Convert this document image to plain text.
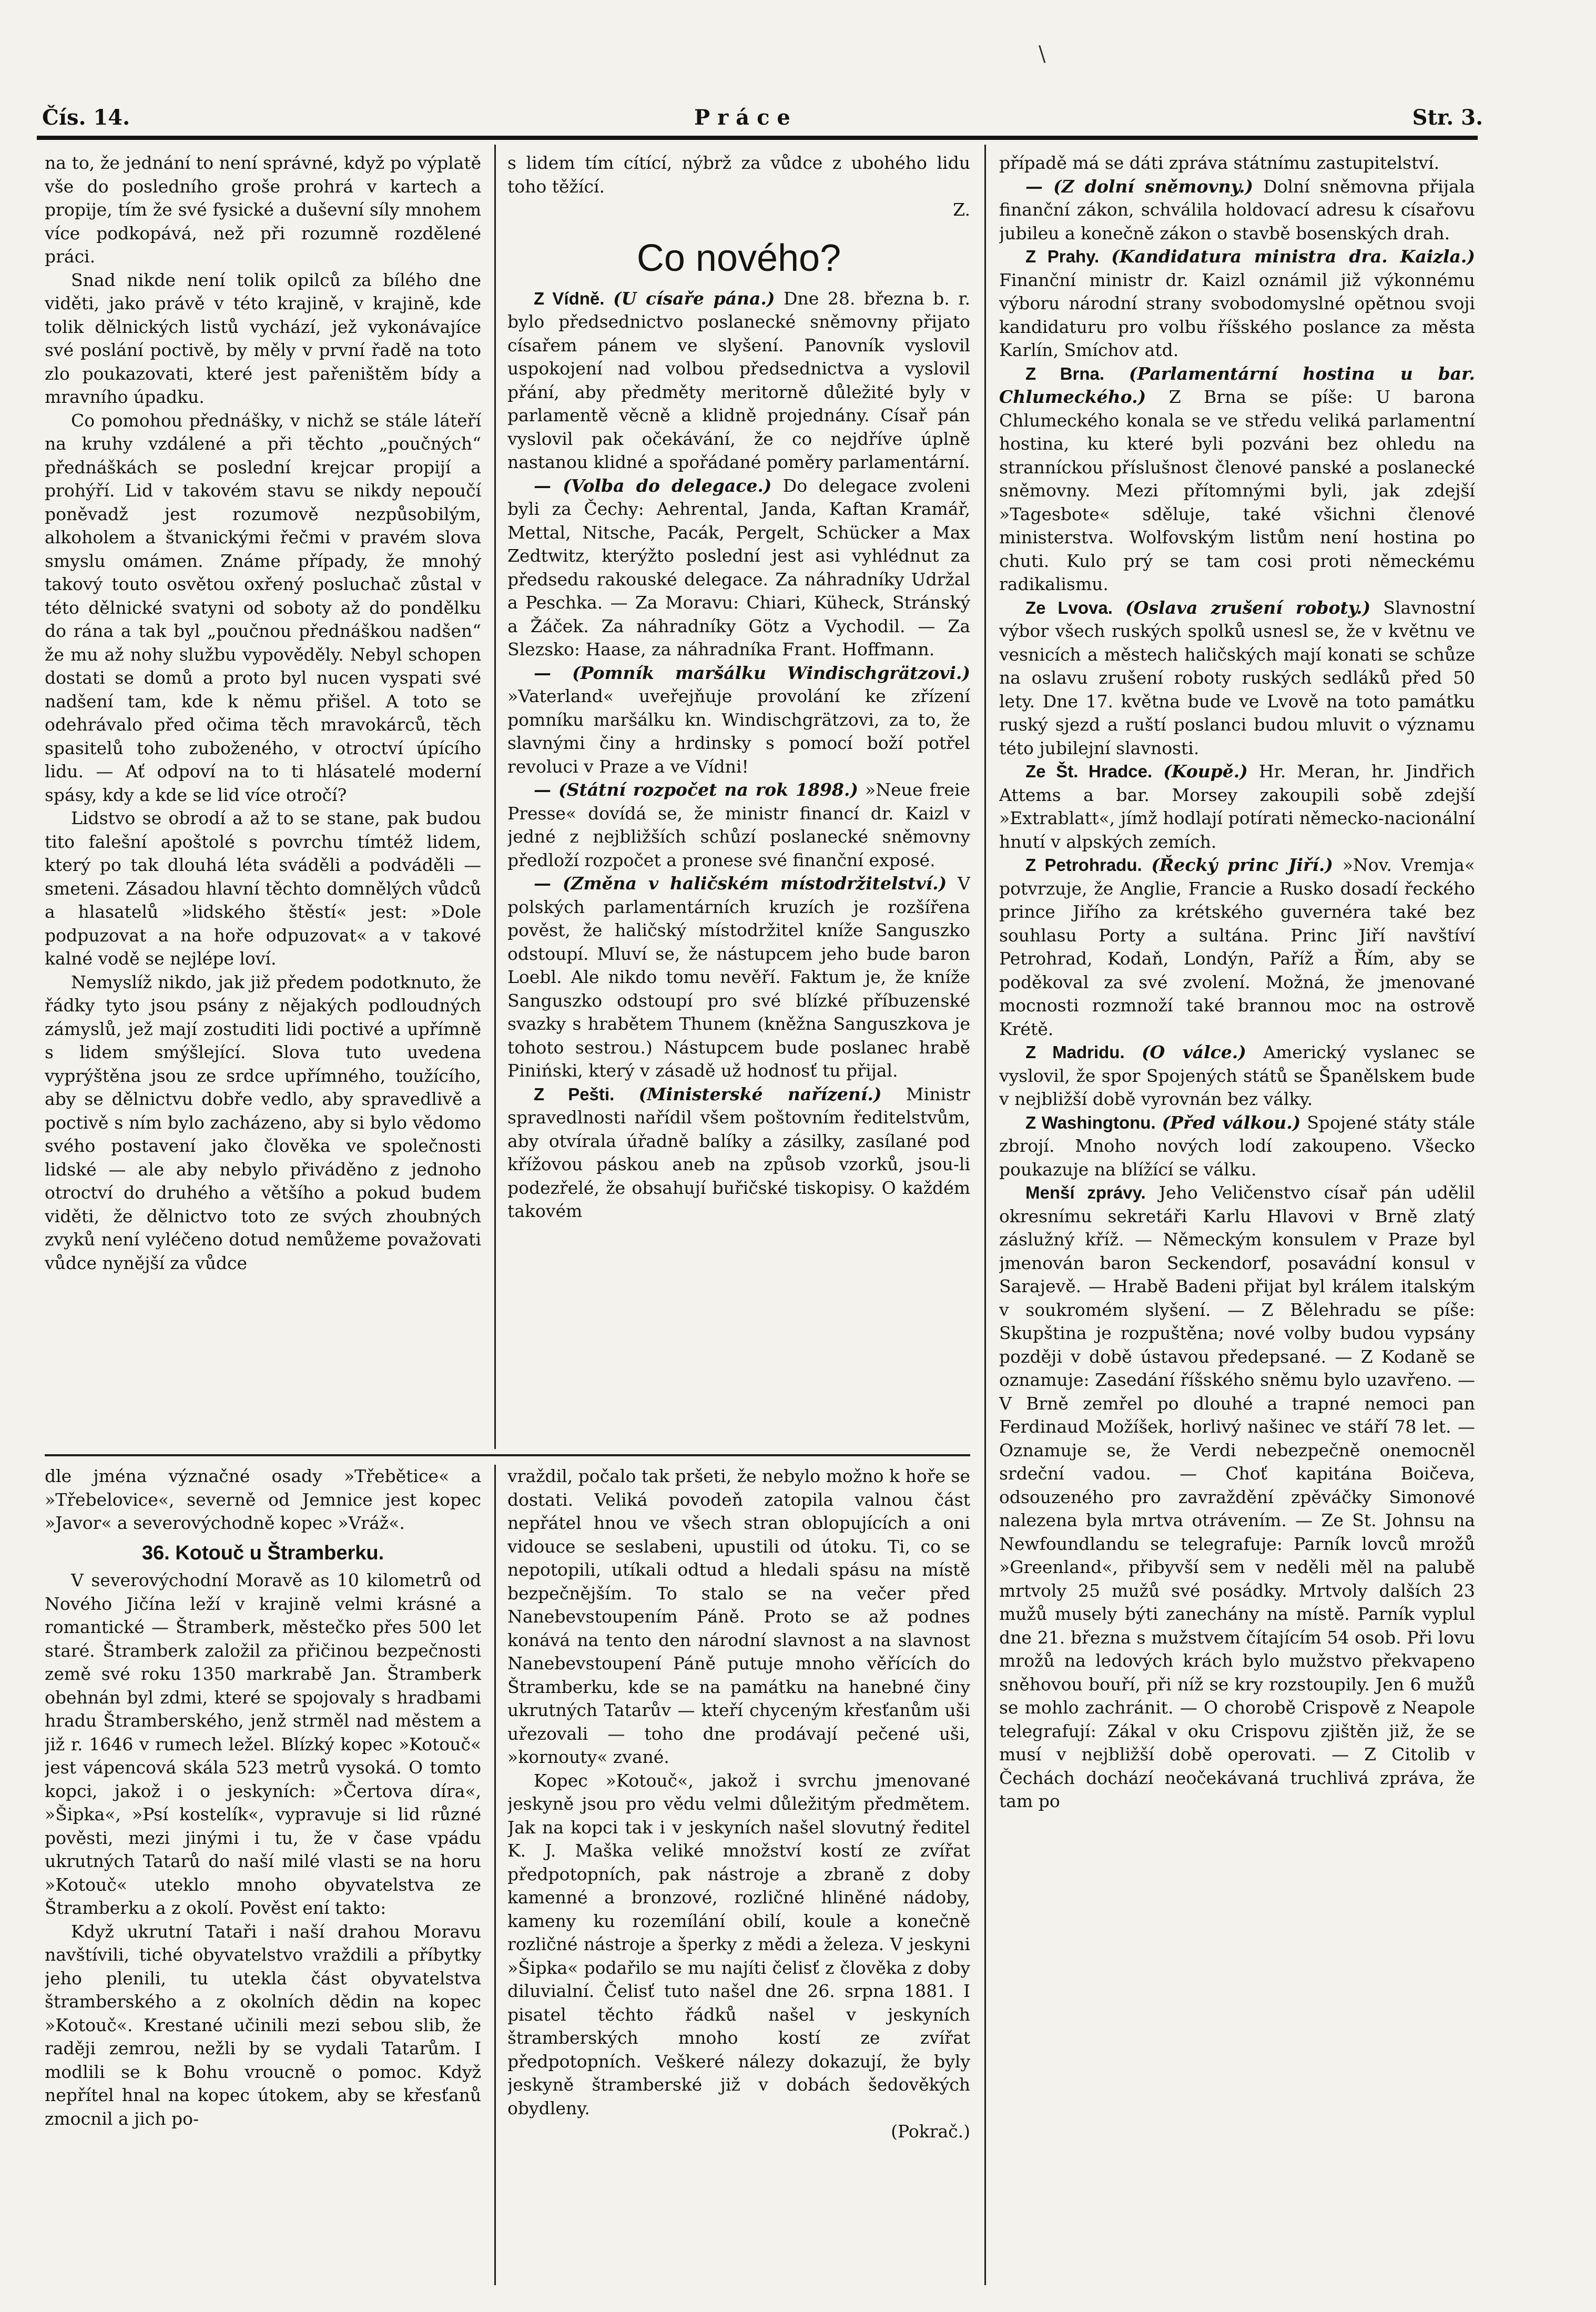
Čís. 14.	Práce	Str. 3.
\

na to, že jednání to není správné, když po výplatě vše do posledního groše prohrá v kartech a propije, tím že své fysické a duševní síly mnohem více podkopává, než při rozumně rozdělené práci.

Snad nikde není tolik opilců za bílého dne viděti, jako právě v této krajině, v krajině, kde tolik dělnických listů vychází, jež vykonávajíce své poslání poctivě, by měly v první řadě na toto zlo poukazovati, které jest pařeništěm bídy a mravního úpadku.

Co pomohou přednášky, v nichž se stále láteří na kruhy vzdálené a při těchto „poučných“ přednáškách se poslední krejcar propijí a prohýří. Lid v takovém stavu se nikdy nepoučí poněvadž jest rozumově nezpůsobilým, alkoholem a štvanickými řečmi v pravém slova smyslu omámen. Známe případy, že mnohý takový touto osvětou oxřený posluchač zůstal v této dělnické svatyni od soboty až do pondělku do rána a tak byl „poučnou přednáškou nadšen“ že mu až nohy službu vypověděly. Nebyl schopen dostati se domů a proto byl nucen vyspati své nadšení tam, kde k němu přišel. A toto se odehrávalo před očima těch mravokárců, těch spasitelů toho zuboženého, v otroctví úpícího lidu. — Ať odpoví na to ti hlásatelé moderní spásy, kdy a kde se lid více otročí?

Lidstvo se obrodí a až to se stane, pak budou tito falešní apoštolé s povrchu tímtéž lidem, který po tak dlouhá léta sváděli a podváděli — smeteni. Zásadou hlavní těchto domnělých vůdců a hlasatelů »lidského štěstí« jest: »Dole podpuzovat a na hoře odpuzovat« a v takové kalné vodě se nejlépe loví.

Nemyslíž nikdo, jak již předem podotknuto, že řádky tyto jsou psány z nějakých podloudných zámyslů, jež mají zostuditi lidi poctivé a upřímně s lidem smýšlející. Slova tuto uvedena vyprýštěna jsou ze srdce upřímného, toužícího, aby se dělnictvu dobře vedlo, aby spravedlivě a poctivě s ním bylo zacházeno, aby si bylo vědomo svého postavení jako člověka ve společnosti lidské — ale aby nebylo přiváděno z jednoho otroctví do druhého a většího a pokud budem viděti, že dělnictvo toto ze svých zhoubných zvyků není vyléčeno dotud nemůžeme považovati vůdce nynější za vůdce

s lidem tím cítící, nýbrž za vůdce z ubohého lidu toho těžící.

Z.

Co nového?

Z Vídně. (U císaře pána.) Dne 28. března b. r. bylo předsednictvo poslanecké sněmovny přijato císařem pánem ve slyšení. Panovník vyslovil uspokojení nad volbou předsednictva a vyslovil přání, aby předměty meritorně důležité byly v parlamentě věcně a klidně projednány. Císař pán vyslovil pak očekávání, že co nejdříve úplně nastanou klidné a spořádané poměry parlamentární.

— (Volba do delegace.) Do delegace zvoleni byli za Čechy: Aehrental, Janda, Kaftan Kramář, Mettal, Nitsche, Pacák, Pergelt, Schücker a Max Zedtwitz, kterýžto poslední jest asi vyhlédnut za předsedu rakouské delegace. Za náhradníky Udržal a Peschka. — Za Moravu: Chiari, Küheck, Stránský a Žáček. Za náhradníky Götz a Vychodil. — Za Slezsko: Haase, za náhradníka Frant. Hoffmann.

— (Pomník maršálku Windischgrätzovi.) »Vaterland« uveřejňuje provolání ke zřízení pomníku maršálku kn. Windischgrätzovi, za to, že slavnými činy a hrdinsky s pomocí boží potřel revoluci v Praze a ve Vídni!

— (Státní rozpočet na rok 1898.) »Neue freie Presse« dovídá se, že ministr financí dr. Kaizl v jedné z nejbližších schůzí poslanecké sněmovny předloží rozpočet a pronese své finanční exposé.

— (Změna v haličském místodržitelství.) V polských parlamentárních kruzích je rozšířena pověst, že haličský místodržitel kníže Sanguszko odstoupí. Mluví se, že nástupcem jeho bude baron Loebl. Ale nikdo tomu nevěří. Faktum je, že kníže Sanguszko odstoupí pro své blízké příbuzenské svazky s hrabětem Thunem (kněžna Sanguszkova je tohoto sestrou.) Nástupcem bude poslanec hrabě Piniński, který v zásadě už hodnosť tu přijal.

Z Pešti. (Ministerské nařízení.) Ministr spravedlnosti nařídil všem poštovním ředitelstvům, aby otvírala úřadně balíky a zásilky, zasílané pod křížovou páskou aneb na způsob vzorků, jsou-li podezřelé, že obsahují buřičské tiskopisy. O každém takovém

případě má se dáti zpráva státnímu zastupitelství.

— (Z dolní sněmovny.) Dolní sněmovna přijala finanční zákon, schválila holdovací adresu k císařovu jubileu a konečně zákon o stavbě bosenských drah.

Z Prahy. (Kandidatura ministra dra. Kaizla.) Finanční ministr dr. Kaizl oznámil již výkonnému výboru národní strany svobodomyslné opětnou svoji kandidaturu pro volbu říšského poslance za města Karlín, Smíchov atd.

Z Brna. (Parlamentární hostina u bar. Chlumeckého.) Z Brna se píše: U barona Chlumeckého konala se ve středu veliká parlamentní hostina, ku které byli pozváni bez ohledu na stranníckou příslušnost členové panské a poslanecké sněmovny. Mezi přítomnými byli, jak zdejší »Tagesbote« sděluje, také všichni členové ministerstva. Wolfovským listům není hostina po chuti. Kulo prý se tam cosi proti německému radikalismu.

Ze Lvova. (Oslava zrušení roboty.) Slavnostní výbor všech ruských spolků usnesl se, že v květnu ve vesnicích a městech haličských mají konati se schůze na oslavu zrušení roboty ruských sedláků před 50 lety. Dne 17. května bude ve Lvově na toto památku ruský sjezd a ruští poslanci budou mluvit o významu této jubilejní slavnosti.

Ze Št. Hradce. (Koupě.) Hr. Meran, hr. Jindřich Attems a bar. Morsey zakoupili sobě zdejší »Extrablatt«, jímž hodlají potírati německo-nacionální hnutí v alpských zemích.

Z Petrohradu. (Řecký princ Jiří.) »Nov. Vremja« potvrzuje, že Anglie, Francie a Rusko dosadí řeckého prince Jiřího za krétského guvernéra také bez souhlasu Porty a sultána. Princ Jiří navštíví Petrohrad, Kodaň, Londýn, Paříž a Řím, aby se poděkoval za své zvolení. Možná, že jmenované mocnosti rozmnoží také brannou moc na ostrově Krétě.

Z Madridu. (O válce.) Americký vyslanec se vyslovil, že spor Spojených států se Španělskem bude v nejbližší době vyrovnán bez války.

Z Washingtonu. (Před válkou.) Spojené státy stále zbrojí. Mnoho nových lodí zakoupeno. Všecko poukazuje na blížící se válku.

Menší zprávy. Jeho Veličenstvo císař pán udělil okresnímu sekretáři Karlu Hlavovi v Brně zlatý záslužný kříž. — Německým konsulem v Praze byl jmenován baron Seckendorf, posavádní konsul v Sarajevě. — Hrabě Badeni přijat byl králem italským v soukromém slyšení. — Z Bělehradu se píše: Skupština je rozpuštěna; nové volby budou vypsány později v době ústavou předepsané. — Z Kodaně se oznamuje: Zasedání říšského sněmu bylo uzavřeno. — V Brně zemřel po dlouhé a trapné nemoci pan Ferdinaud Možíšek, horlivý našinec ve stáří 78 let. — Oznamuje se, že Verdi nebezpečně onemocněl srdeční vadou. — Choť kapitána Boičeva, odsouzeného pro zavraždění zpěváčky Simonové nalezena byla mrtva otrávením. — Ze St. Johnsu na Newfoundlandu se telegrafuje: Parník lovců mrožů »Greenland«, přibyvší sem v neděli měl na palubě mrtvoly 25 mužů své posádky. Mrtvoly dalších 23 mužů musely býti zanechány na místě. Parník vyplul dne 21. března s mužstvem čítajícím 54 osob. Při lovu mrožů na ledových krách bylo mužstvo překvapeno sněhovou bouří, při níž se kry rozstoupily. Jen 6 mužů se mohlo zachránit. — O chorobě Crispově z Neapole telegrafují: Zákal v oku Crispovu zjištěn již, že se musí v nejbližší době operovati. — Z Citolib v Čechách dochází neočekávaná truchlivá zpráva, že tam po

dle jména význačné osady »Třebětice« a »Třebelovice«, severně od Jemnice jest kopec »Javor« a severovýchodně kopec »Vráž«.

36. Kotouč u Štramberku.

V severovýchodní Moravě as 10 kilometrů od Nového Jičína leží v krajině velmi krásné a romantické — Štramberk, městečko přes 500 let staré. Štramberk založil za přičinou bezpečnosti země své roku 1350 markrabě Jan. Štramberk obehnán byl zdmi, které se spojovaly s hradbami hradu Štramberského, jenž strměl nad městem a již r. 1646 v rumech ležel. Blízký kopec »Kotouč« jest vápencová skála 523 metrů vysoká. O tomto kopci, jakož i o jeskyních: »Čertova díra«, »Šipka«, »Psí kostelík«, vypravuje si lid různé pověsti, mezi jinými i tu, že v čase vpádu ukrutných Tatarů do naší milé vlasti se na horu »Kotouč« uteklo mnoho obyvatelstva ze Štramberku a z okolí. Pověst ení takto:

Když ukrutní Tataři i naší drahou Moravu navštívili, tiché obyvatelstvo vraždili a příbytky jeho plenili, tu utekla část obyvatelstva štramberského a z okolních dědin na kopec »Kotouč«. Krestané učinili mezi sebou slib, že raději zemrou, nežli by se vydali Tatarům. I modlili se k Bohu vroucně o pomoc. Když nepřítel hnal na kopec útokem, aby se křesťanů zmocnil a jich po-

vraždil, počalo tak pršeti, že nebylo možno k hoře se dostati. Veliká povodeň zatopila valnou část nepřátel hnou ve všech stran oblopujících a oni vidouce se seslabeni, upustili od útoku. Ti, co se nepotopili, utíkali odtud a hledali spásu na místě bezpečnějším. To stalo se na večer před Nanebevstoupením Páně. Proto se až podnes konává na tento den národní slavnost a na slavnost Nanebevstoupení Páně putuje mnoho věřících do Štramberku, kde se na památku na hanebné činy ukrutných Tatarův — kteří chyceným křesťanům uši uřezovali — toho dne prodávají pečené uši, »kornouty« zvané.

Kopec »Kotouč«, jakož i svrchu jmenované jeskyně jsou pro vědu velmi důležitým předmětem. Jak na kopci tak i v jeskyních našel slovutný ředitel K. J. Maška veliké množství kostí ze zvířat předpotopních, pak nástroje a zbraně z doby kamenné a bronzové, rozličné hliněné nádoby, kameny ku rozemílání obilí, koule a konečně rozličné nástroje a šperky z mědi a železa. V jeskyni »Šipka« podařilo se mu najíti čelisť z člověka z doby diluvialní. Čelisť tuto našel dne 26. srpna 1881. I pisatel těchto řádků našel v jeskyních štramberských mnoho kostí ze zvířat předpotopních. Veškeré nálezy dokazují, že byly jeskyně štramberské již v dobách šedověkých obydleny.

(Pokrač.)
